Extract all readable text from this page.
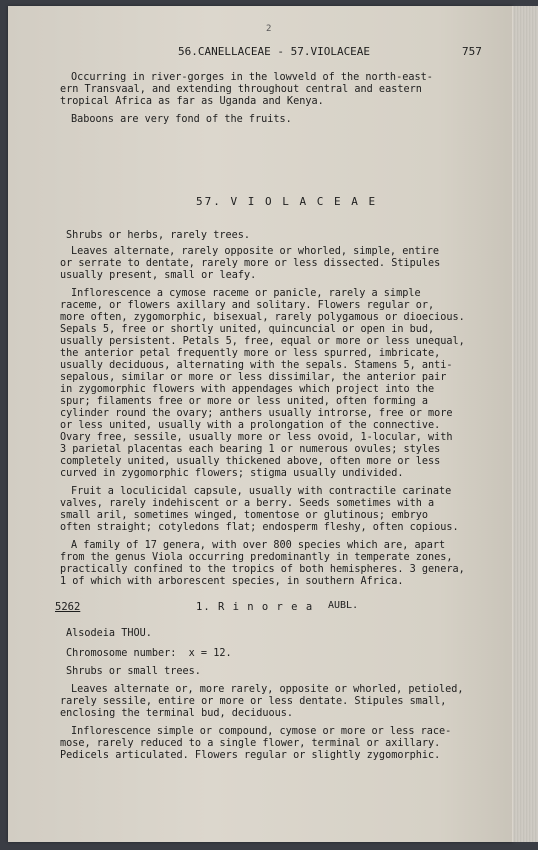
2
56.CANELLACEAE - 57.VIOLACEAE	757
Occurring in river-gorges in the lowveld of the north-east-
ern Transvaal, and extending throughout central and eastern
tropical Africa as far as Uganda and Kenya.
Baboons are very fond of the fruits.
57. V I O L A C E A E
Shrubs or herbs, rarely trees.
Leaves alternate, rarely opposite or whorled, simple, entire
or serrate to dentate, rarely more or less dissected. Stipules
usually present, small or leafy.
Inflorescence a cymose raceme or panicle, rarely a simple
raceme, or flowers axillary and solitary. Flowers regular or,
more often, zygomorphic, bisexual, rarely polygamous or dioecious.
Sepals 5, free or shortly united, quincuncial or open in bud,
usually persistent. Petals 5, free, equal or more or less unequal,
the anterior petal frequently more or less spurred, imbricate,
usually deciduous, alternating with the sepals. Stamens 5, anti-
sepalous, similar or more or less dissimilar, the anterior pair
in zygomorphic flowers with appendages which project into the
spur; filaments free or more or less united, often forming a
cylinder round the ovary; anthers usually introrse, free or more
or less united, usually with a prolongation of the connective.
Ovary free, sessile, usually more or less ovoid, 1-locular, with
3 parietal placentas each bearing 1 or numerous ovules; styles
completely united, usually thickened above, often more or less
curved in zygomorphic flowers; stigma usually undivided.
Fruit a loculicidal capsule, usually with contractile carinate
valves, rarely indehiscent or a berry. Seeds sometimes with a
small aril, sometimes winged, tomentose or glutinous; embryo
often straight; cotyledons flat; endosperm fleshy, often copious.
A family of 17 genera, with over 800 species which are, apart
from the genus Viola occurring predominantly in temperate zones,
practically confined to the tropics of both hemispheres. 3 genera,
1 of which with arborescent species, in southern Africa.
5262	1. R i n o r e a AUBL.
Alsodeia THOU.
Chromosome number:  x = 12.
Shrubs or small trees.
Leaves alternate or, more rarely, opposite or whorled, petioled,
rarely sessile, entire or more or less dentate. Stipules small,
enclosing the terminal bud, deciduous.
Inflorescence simple or compound, cymose or more or less race-
mose, rarely reduced to a single flower, terminal or axillary.
Pedicels articulated. Flowers regular or slightly zygomorphic.
